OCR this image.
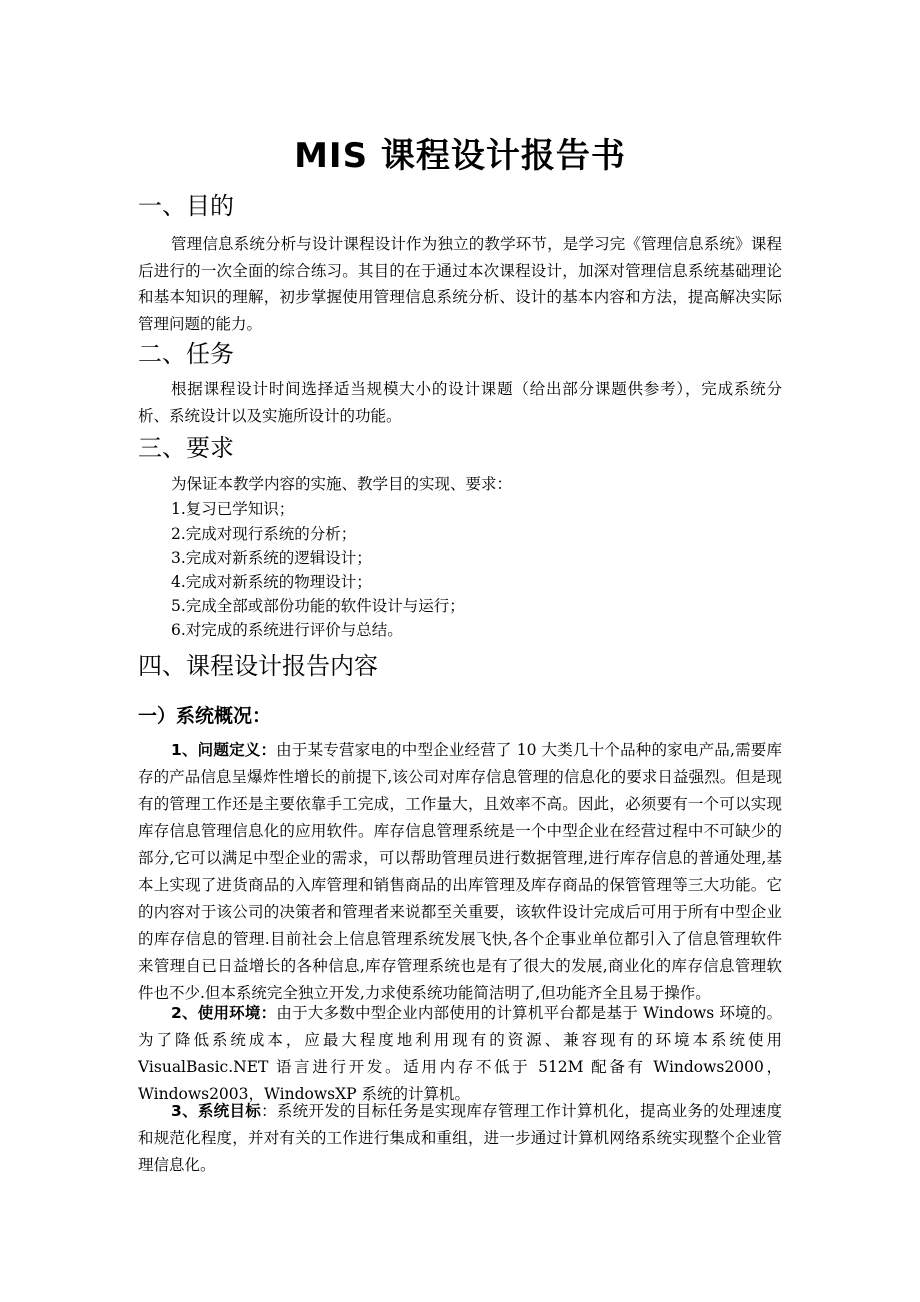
MIS 课程设计报告书
一、目的

管理信息系统分析与设计课程设计作为独立的教学环节，是学习完《管理信息系统》课程后进行的一次全面的综合练习。其目的在于通过本次课程设计，加深对管理信息系统基础理论和基本知识的理解，初步掌握使用管理信息系统分析、设计的基本内容和方法，提高解决实际管理问题的能力。

二、任务

根据课程设计时间选择适当规模大小的设计课题（给出部分课题供参考），完成系统分析、系统设计以及实施所设计的功能。

三、要求
为保证本教学内容的实施、教学目的实现、要求：
1.复习已学知识；
2.完成对现行系统的分析；
3.完成对新系统的逻辑设计；
4.完成对新系统的物理设计；
5.完成全部或部份功能的软件设计与运行；
6.对完成的系统进行评价与总结。
四、课程设计报告内容
一）系统概况：

1、问题定义：由于某专营家电的中型企业经营了 10 大类几十个品种的家电产品,需要库存的产品信息呈爆炸性增长的前提下,该公司对库存信息管理的信息化的要求日益强烈。但是现有的管理工作还是主要依靠手工完成，工作量大，且效率不高。因此，必须要有一个可以实现库存信息管理信息化的应用软件。库存信息管理系统是一个中型企业在经营过程中不可缺少的部分,它可以满足中型企业的需求，可以帮助管理员进行数据管理,进行库存信息的普通处理,基本上实现了进货商品的入库管理和销售商品的出库管理及库存商品的保管管理等三大功能。它的内容对于该公司的决策者和管理者来说都至关重要，该软件设计完成后可用于所有中型企业的库存信息的管理.目前社会上信息管理系统发展飞快,各个企事业单位都引入了信息管理软件来管理自已日益增长的各种信息,库存管理系统也是有了很大的发展,商业化的库存信息管理软件也不少.但本系统完全独立开发,力求使系统功能简洁明了,但功能齐全且易于操作。

2、使用环境：由于大多数中型企业内部使用的计算机平台都是基于 Windows 环境的。为了降低系统成本，应最大程度地利用现有的资源、兼容现有的环境本系统使用 VisualBasic.NET 语言进行开发。适用内存不低于 512M 配备有 Windows2000，Windows2003，WindowsXP 系统的计算机。

3、系统目标：系统开发的目标任务是实现库存管理工作计算机化，提高业务的处理速度和规范化程度，并对有关的工作进行集成和重组，进一步通过计算机网络系统实现整个企业管理信息化。
